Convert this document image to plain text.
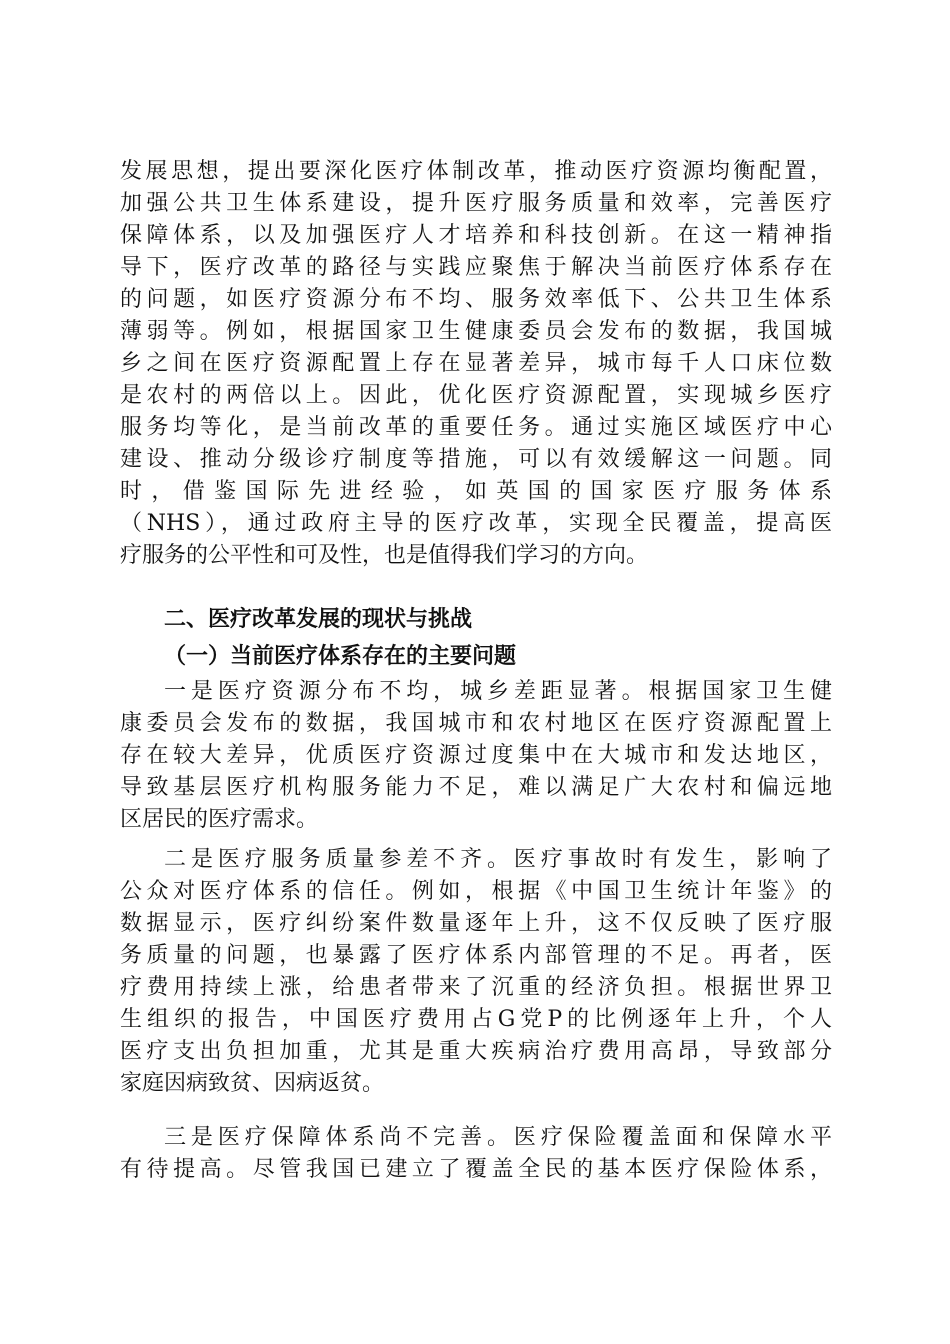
发展思想，提出要深化医疗体制改革，推动医疗资源均衡配置，
加强公共卫生体系建设，提升医疗服务质量和效率，完善医疗
保障体系，以及加强医疗人才培养和科技创新。在这一精神指
导下，医疗改革的路径与实践应聚焦于解决当前医疗体系存在
的问题，如医疗资源分布不均、服务效率低下、公共卫生体系
薄弱等。例如，根据国家卫生健康委员会发布的数据，我国城
乡之间在医疗资源配置上存在显著差异，城市每千人口床位数
是农村的两倍以上。因此，优化医疗资源配置，实现城乡医疗
服务均等化，是当前改革的重要任务。通过实施区域医疗中心
建设、推动分级诊疗制度等措施，可以有效缓解这一问题。同
时，借鉴国际先进经验，如英国的国家医疗服务体系
（NHS），通过政府主导的医疗改革，实现全民覆盖，提高医
疗服务的公平性和可及性，也是值得我们学习的方向。
二、医疗改革发展的现状与挑战
（一）当前医疗体系存在的主要问题
一是医疗资源分布不均，城乡差距显著。根据国家卫生健
康委员会发布的数据，我国城市和农村地区在医疗资源配置上
存在较大差异，优质医疗资源过度集中在大城市和发达地区，
导致基层医疗机构服务能力不足，难以满足广大农村和偏远地
区居民的医疗需求。
二是医疗服务质量参差不齐。医疗事故时有发生，影响了
公众对医疗体系的信任。例如，根据《中国卫生统计年鉴》的
数据显示，医疗纠纷案件数量逐年上升，这不仅反映了医疗服
务质量的问题，也暴露了医疗体系内部管理的不足。再者，医
疗费用持续上涨，给患者带来了沉重的经济负担。根据世界卫
生组织的报告，中国医疗费用占G党P的比例逐年上升，个人
医疗支出负担加重，尤其是重大疾病治疗费用高昂，导致部分
家庭因病致贫、因病返贫。
三是医疗保障体系尚不完善。医疗保险覆盖面和保障水平
有待提高。尽管我国已建立了覆盖全民的基本医疗保险体系，
